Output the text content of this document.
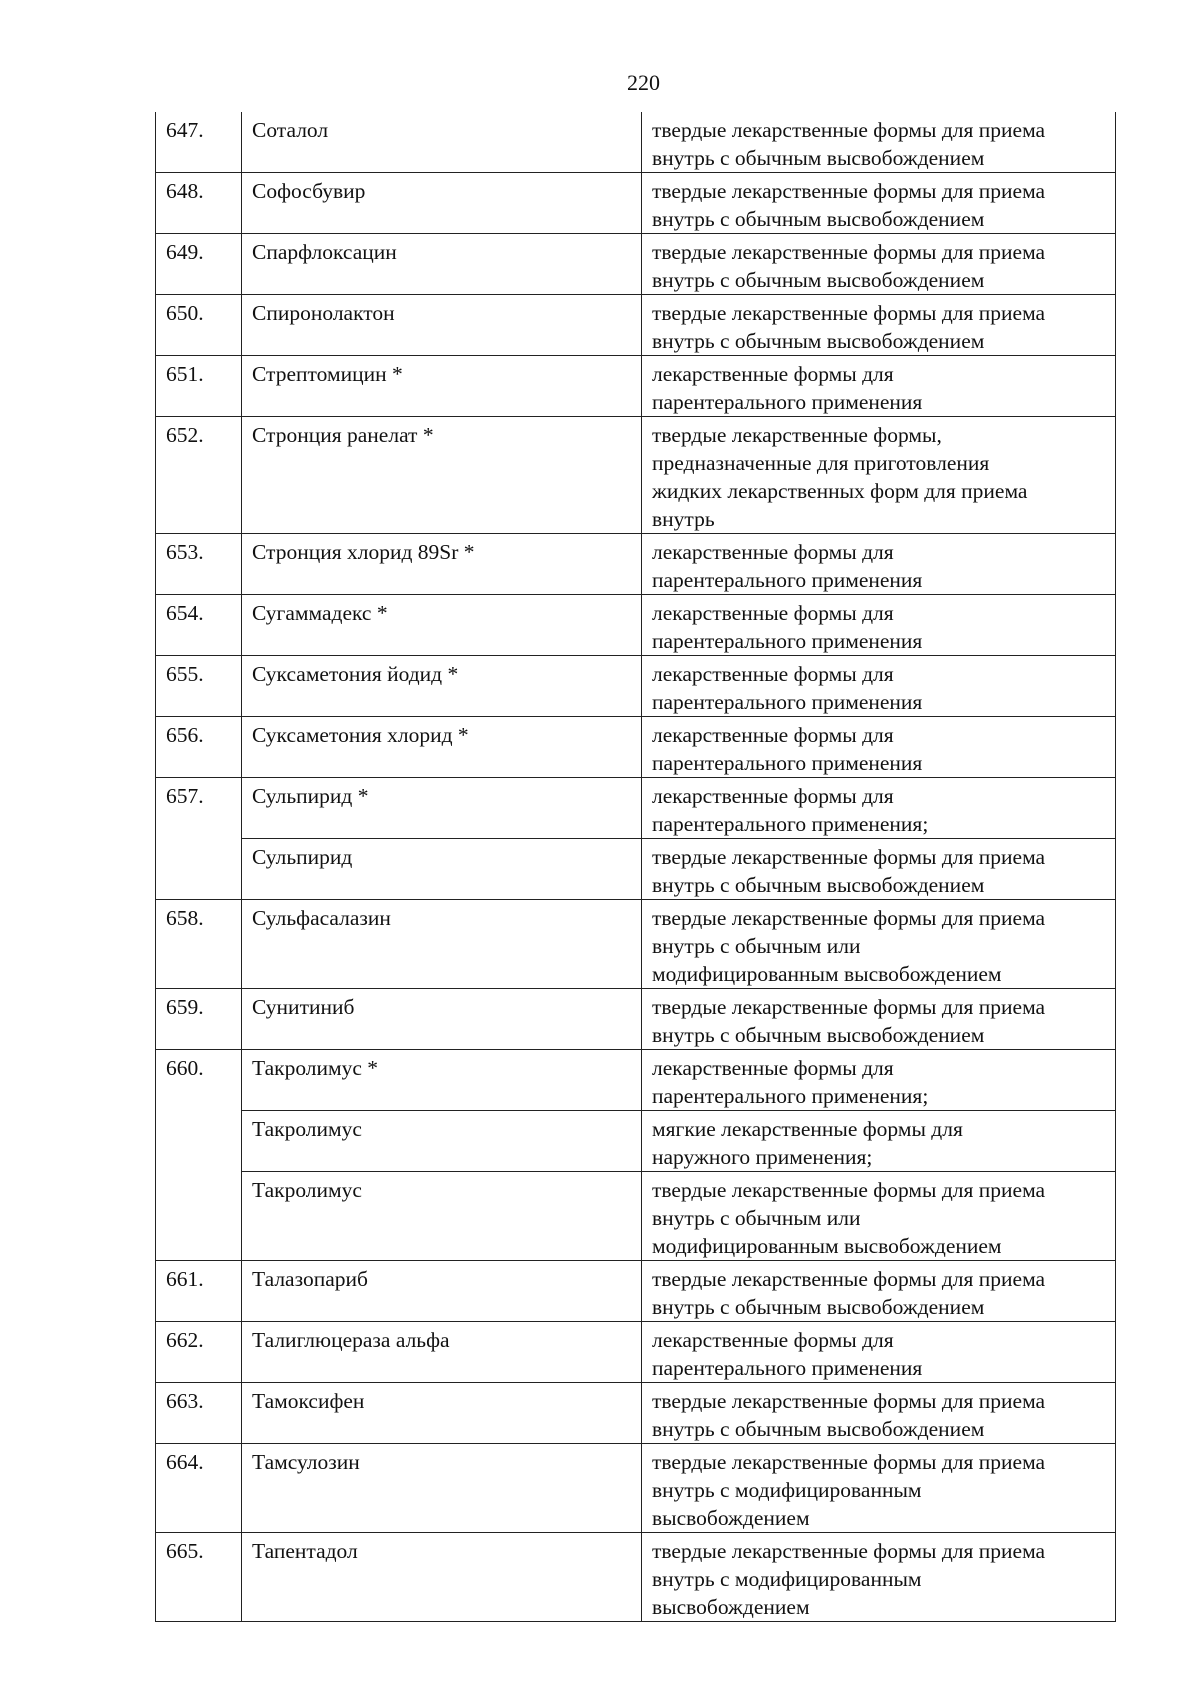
220
647.	Соталол	твердые лекарственные формы для приема
внутрь с обычным высвобождением

648.	Софосбувир	твердые лекарственные формы для приема
внутрь с обычным высвобождением

649.	Спарфлоксацин	твердые лекарственные формы для приема
внутрь с обычным высвобождением

650.	Спиронолактон	твердые лекарственные формы для приема
внутрь с обычным высвобождением

651.	Стрептомицин *	лекарственные формы для
парентерального применения

652.	Стронция ранелат *	твердые лекарственные формы,
предназначенные для приготовления
жидких лекарственных форм для приема
внутрь

653.	Стронция хлорид 89Sr *	лекарственные формы для
парентерального применения

654.	Сугаммадекс *	лекарственные формы для
парентерального применения

655.	Суксаметония йодид *	лекарственные формы для
парентерального применения

656.	Суксаметония хлорид *	лекарственные формы для
парентерального применения

657.	Сульпирид *	лекарственные формы для
парентерального применения;

	Сульпирид	твердые лекарственные формы для приема
внутрь с обычным высвобождением

658.	Сульфасалазин	твердые лекарственные формы для приема
внутрь с обычным или
модифицированным высвобождением

659.	Сунитиниб	твердые лекарственные формы для приема
внутрь с обычным высвобождением

660.	Такролимус *	лекарственные формы для
парентерального применения;

	Такролимус	мягкие лекарственные формы для
наружного применения;

	Такролимус	твердые лекарственные формы для приема
внутрь с обычным или
модифицированным высвобождением

661.	Талазопариб	твердые лекарственные формы для приема
внутрь с обычным высвобождением

662.	Талиглюцераза альфа	лекарственные формы для
парентерального применения

663.	Тамоксифен	твердые лекарственные формы для приема
внутрь с обычным высвобождением

664.	Тамсулозин	твердые лекарственные формы для приема
внутрь с модифицированным
высвобождением

665.	Тапентадол	твердые лекарственные формы для приема
внутрь с модифицированным
высвобождением
